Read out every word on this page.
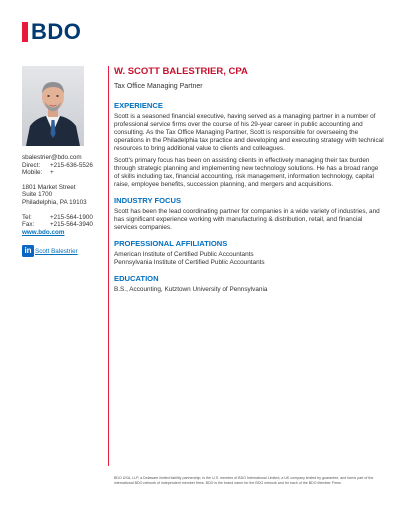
BDO
sbalestrier@bdo.com
Direct:	+215-636-5526
Mobile:	+
1801 Market Street
Suite 1700
Philadelphia, PA 19103
Tel:	+215-564-1900
Fax:	+215-564-3940
www.bdo.com
in Scott Balestrier
W. SCOTT BALESTRIER, CPA
Tax Office Managing Partner
EXPERIENCE

Scott is a seasoned financial executive, having served as a managing partner in a number of professional service firms over the course of his 29-year career in public accounting and consulting. As the Tax Office Managing Partner, Scott is responsible for overseeing the operations in the Philadelphia tax practice and developing and executing strategy with technical resources to bring additional value to clients and colleagues.

Scott's primary focus has been on assisting clients in effectively managing their tax burden through strategic planning and implementing new technology solutions. He has a broad range of skills including tax, financial accounting, risk management, information technology, capital raise, employee benefits, succession planning, and mergers and acquisitions.

INDUSTRY FOCUS

Scott has been the lead coordinating partner for companies in a wide variety of industries, and has significant experience working with manufacturing & distribution, retail, and financial services companies.

PROFESSIONAL AFFILIATIONS
American Institute of Certified Public Accountants
Pennsylvania Institute of Certified Public Accountants
EDUCATION
B.S., Accounting, Kutztown University of Pennsylvania
BDO USA, LLP, a Delaware limited liability partnership, is the U.S. member of BDO International Limited, a UK company limited by guarantee, and forms part of the international BDO network of independent member firms. BDO is the brand name for the BDO network and for each of the BDO Member Firms.
